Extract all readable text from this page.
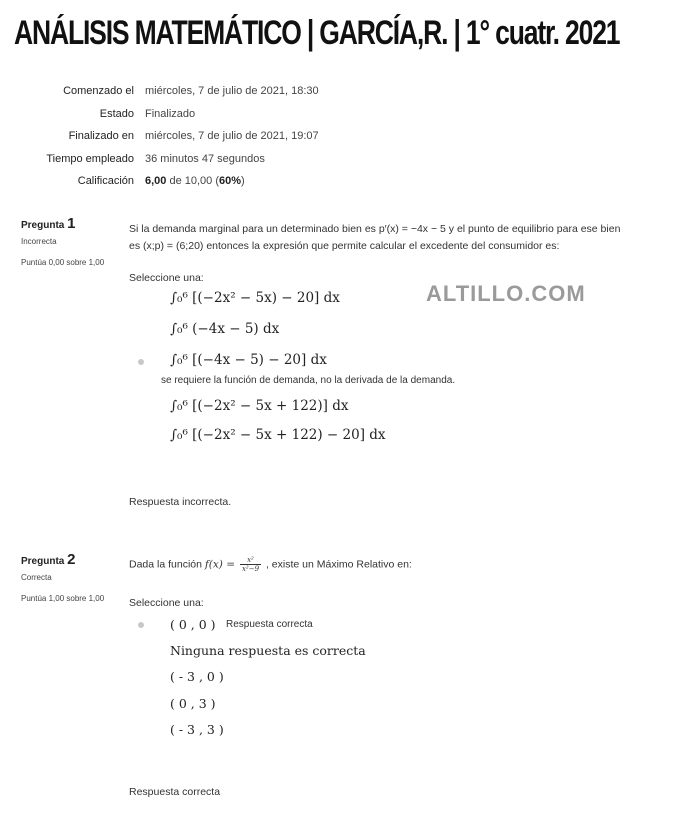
ANÁLISIS MATEMÁTICO | GARCÍA,R. | 1° cuatr. 2021
Comenzado el	miércoles, 7 de julio de 2021, 18:30
Estado	Finalizado
Finalizado en	miércoles, 7 de julio de 2021, 19:07
Tiempo empleado	36 minutos 47 segundos
Calificación	6,00 de 10,00 (60%)
Pregunta 1
Incorrecta
Puntúa 0,00 sobre 1,00
Si la demanda marginal para un determinado bien es p′(x) = −4x − 5 y el punto de equilibrio para ese bien
es (x;p) = (6;20) entonces la expresión que permite calcular el excedente del consumidor es:
Seleccione una:
ALTILLO.COM
∫₀⁶ [(−2x² − 5x) − 20] dx
∫₀⁶ (−4x − 5) dx
∫₀⁶ [(−4x − 5) − 20] dx
se requiere la función de demanda, no la derivada de la demanda.
∫₀⁶ [(−2x² − 5x + 122)] dx
∫₀⁶ [(−2x² − 5x + 122) − 20] dx
Respuesta incorrecta.
Pregunta 2
Correcta
Puntúa 1,00 sobre 1,00
Dada la función $f(x) = \frac{\text{x²}}{\text{x²−9}}$ , existe un Máximo Relativo en:
Seleccione una:
( 0 , 0 ) Respuesta correcta
Ninguna respuesta es correcta
( - 3 , 0 )
( 0 , 3 )
( - 3 , 3 )
Respuesta correcta
